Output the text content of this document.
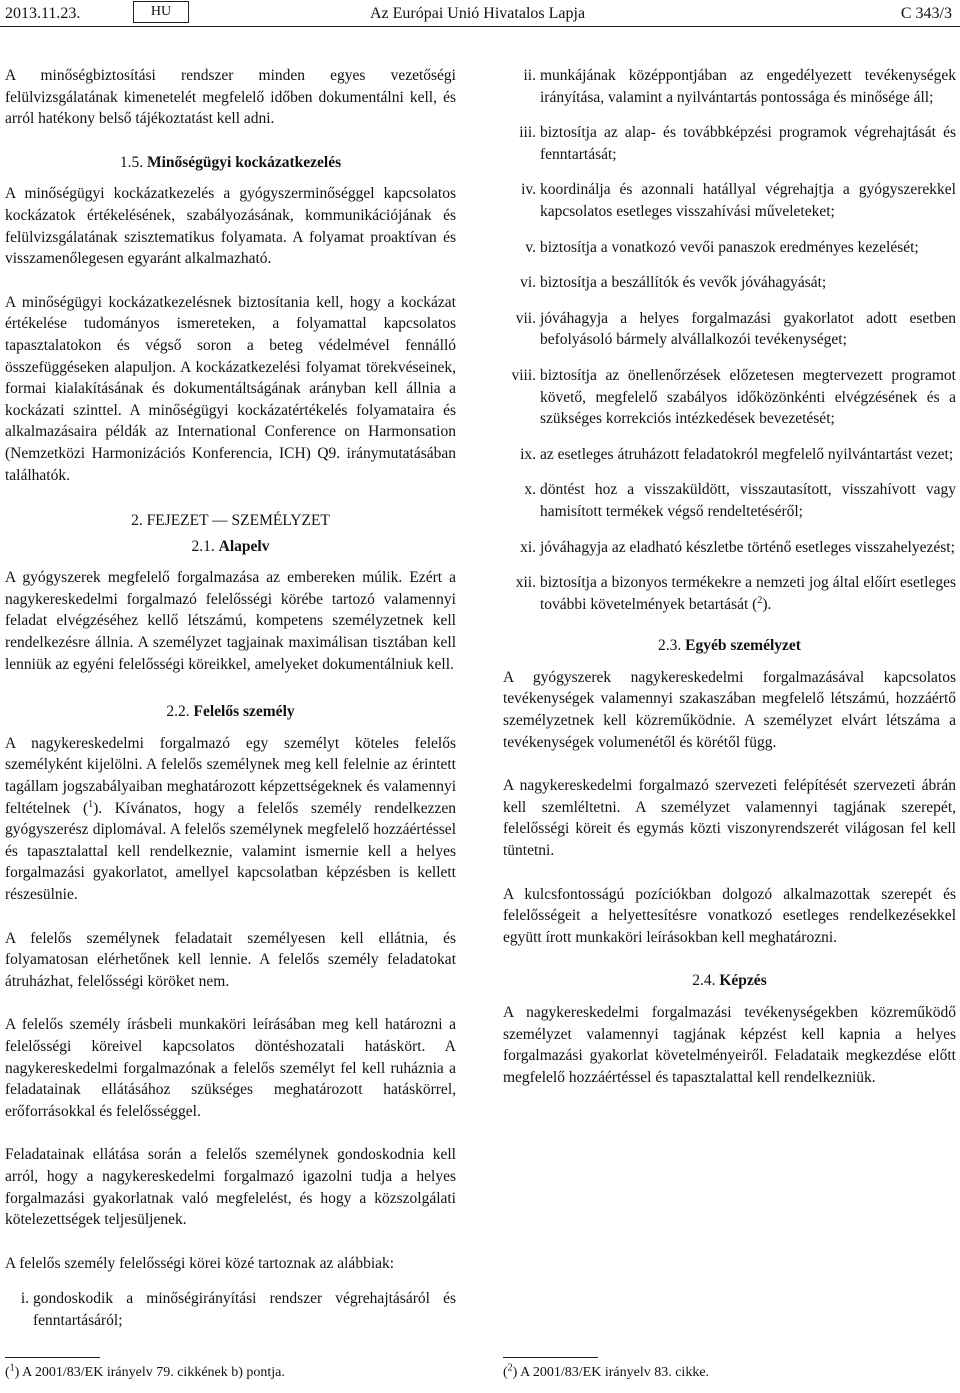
2013.11.23.	HU	Az Európai Unió Hivatalos Lapja	C 343/3

A minőségbiztosítási rendszer minden egyes vezetőségi felülvizsgálatának kimenetelét megfelelő időben dokumentálni kell, és arról hatékony belső tájékoztatást kell adni.

1.5. Minőségügyi kockázatkezelés

A minőségügyi kockázatkezelés a gyógyszerminőséggel kapcsolatos kockázatok értékelésének, szabályozásának, kommunikációjának és felülvizsgálatának szisztematikus folyamata. A folyamat proaktívan és visszamenőlegesen egyaránt alkalmazható.

A minőségügyi kockázatkezelésnek biztosítania kell, hogy a kockázat értékelése tudományos ismereteken, a folyamattal kapcsolatos tapasztalatokon és végső soron a beteg védelmével fennálló összefüggéseken alapuljon. A kockázatkezelési folyamat törekvéseinek, formai kialakításának és dokumentáltságának arányban kell állnia a kockázati szinttel. A minőségügyi kockázatértékelés folyamataira és alkalmazásaira példák az International Conference on Harmonsation (Nemzetközi Harmonizációs Konferencia, ICH) Q9. iránymutatásában találhatók.

2. FEJEZET — SZEMÉLYZET
2.1. Alapelv

A gyógyszerek megfelelő forgalmazása az embereken múlik. Ezért a nagykereskedelmi forgalmazó felelősségi körébe tartozó valamennyi feladat elvégzéséhez kellő létszámú, kompetens személyzetnek kell rendelkezésre állnia. A személyzet tagjainak maximálisan tisztában kell lenniük az egyéni felelősségi köreikkel, amelyeket dokumentálniuk kell.

2.2. Felelős személy

A nagykereskedelmi forgalmazó egy személyt köteles felelős személyként kijelölni. A felelős személynek meg kell felelnie az érintett tagállam jogszabályaiban meghatározott képzettségeknek és valamennyi feltételnek ($^1$). Kívánatos, hogy a felelős személy rendelkezzen gyógyszerész diplomával. A felelős személynek megfelelő hozzáértéssel és tapasztalattal kell rendelkeznie, valamint ismernie kell a helyes forgalmazási gyakorlatot, amellyel kapcsolatban képzésben is kellett részesülnie.

A felelős személynek feladatait személyesen kell ellátnia, és folyamatosan elérhetőnek kell lennie. A felelős személy feladatokat átruházhat, felelősségi köröket nem.

A felelős személy írásbeli munkaköri leírásában meg kell határozni a felelősségi köreivel kapcsolatos döntéshozatali hatáskört. A nagykereskedelmi forgalmazónak a felelős személyt fel kell ruháznia a feladatainak ellátásához szükséges meghatározott hatáskörrel, erőforrásokkal és felelősséggel.

Feladatainak ellátása során a felelős személynek gondoskodnia kell arról, hogy a nagykereskedelmi forgalmazó igazolni tudja a helyes forgalmazási gyakorlatnak való megfelelést, és hogy a közszolgálati kötelezettségek teljesüljenek.

A felelős személy felelősségi körei közé tartoznak az alábbiak:

i. gondoskodik a minőségirányítási rendszer végrehajtásáról és fenntartásáról;
ii. munkájának középpontjában az engedélyezett tevékenységek irányítása, valamint a nyilvántartás pontossága és minősége áll;
iii. biztosítja az alap- és továbbképzési programok végrehajtását és fenntartását;
iv. koordinálja és azonnali hatállyal végrehajtja a gyógyszerekkel kapcsolatos esetleges visszahívási műveleteket;
v. biztosítja a vonatkozó vevői panaszok eredményes kezelését;
vi. biztosítja a beszállítók és vevők jóváhagyását;
vii. jóváhagyja a helyes forgalmazási gyakorlatot adott esetben befolyásoló bármely alvállalkozói tevékenységet;
viii. biztosítja az önellenőrzések előzetesen megtervezett programot követő, megfelelő szabályos időközönkénti elvégzésének és a szükséges korrekciós intézkedések bevezetését;
ix. az esetleges átruházott feladatokról megfelelő nyilvántartást vezet;
x. döntést hoz a visszaküldött, visszautasított, visszahívott vagy hamisított termékek végső rendeltetéséről;
xi. jóváhagyja az eladható készletbe történő esetleges visszahelyezést;
xii. biztosítja a bizonyos termékekre a nemzeti jog által előírt esetleges további követelmények betartását ($^2$).
2.3. Egyéb személyzet

A gyógyszerek nagykereskedelmi forgalmazásával kapcsolatos tevékenységek valamennyi szakaszában megfelelő létszámú, hozzáértő személyzetnek kell közreműködnie. A személyzet elvárt létszáma a tevékenységek volumenétől és körétől függ.

A nagykereskedelmi forgalmazó szervezeti felépítését szervezeti ábrán kell szemléltetni. A személyzet valamennyi tagjának szerepét, felelősségi köreit és egymás közti viszonyrendszerét világosan fel kell tüntetni.

A kulcsfontosságú pozíciókban dolgozó alkalmazottak szerepét és felelősségeit a helyettesítésre vonatkozó esetleges rendelkezésekkel együtt írott munkaköri leírásokban kell meghatározni.

2.4. Képzés

A nagykereskedelmi forgalmazási tevékenységekben közreműködő személyzet valamennyi tagjának képzést kell kapnia a helyes forgalmazási gyakorlat követelményeiről. Feladataik megkezdése előtt megfelelő hozzáértéssel és tapasztalattal kell rendelkezniük.

($^1$) A 2001/83/EK irányelv 79. cikkének b) pontja.	($^2$) A 2001/83/EK irányelv 83. cikke.
